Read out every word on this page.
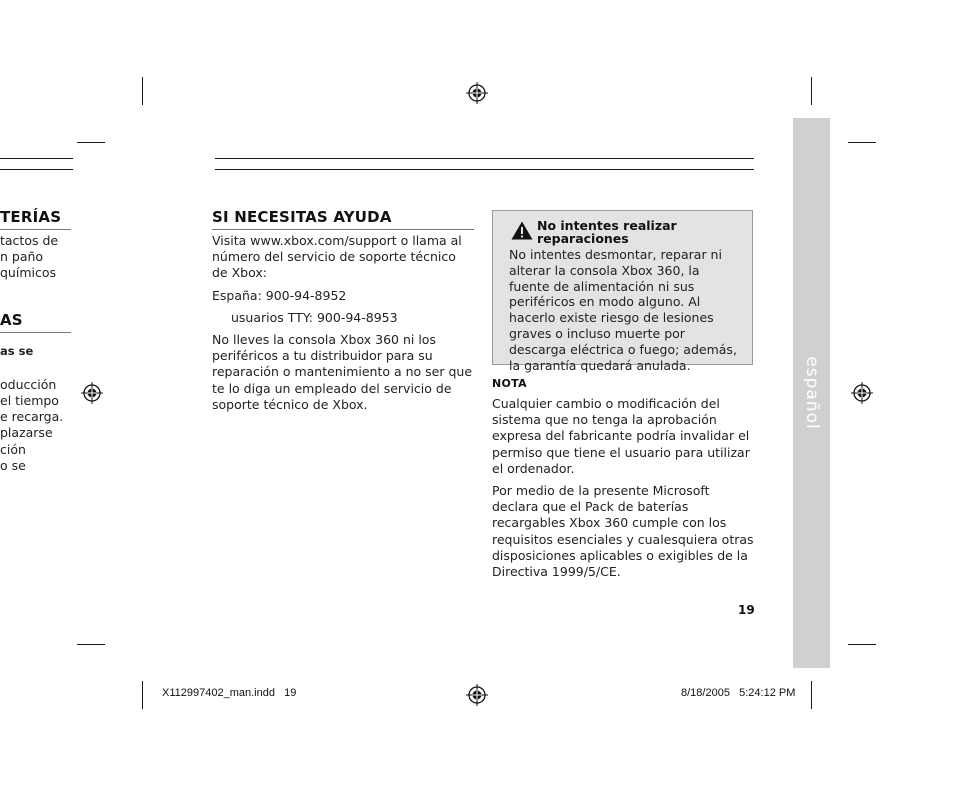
TERÍAS
tactos de
n paño
químicos
AS
as se
oducción
el tiempo
e recarga.
plazarse
ción
o se
SI NECESITAS AYUDA

Visita www.xbox.com/support o llama al número del servicio de soporte técnico de Xbox:

España: 900-94-8952

usuarios TTY: 900-94-8953

No lleves la consola Xbox 360 ni los periféricos a tu distribuidor para su reparación o mantenimiento a no ser que te lo diga un empleado del servicio de soporte técnico de Xbox.

No intentes realizar reparaciones
No intentes desmontar, reparar ni alterar la consola Xbox 360, la fuente de alimentación ni sus periféricos en modo alguno. Al hacerlo existe riesgo de lesiones graves o incluso muerte por descarga eléctrica o fuego; además, la garantía quedará anulada.
NOTA

Cualquier cambio o modificación del sistema que no tenga la aprobación expresa del fabricante podría invalidar el permiso que tiene el usuario para utilizar el ordenador.

Por medio de la presente Microsoft declara que el Pack de baterías recargables Xbox 360 cumple con los requisitos esenciales y cualesquiera otras disposiciones aplicables o exigibles de la Directiva 1999/5/CE.

19
español
X112997402_man.indd   19	8/18/2005   5:24:12 PM
